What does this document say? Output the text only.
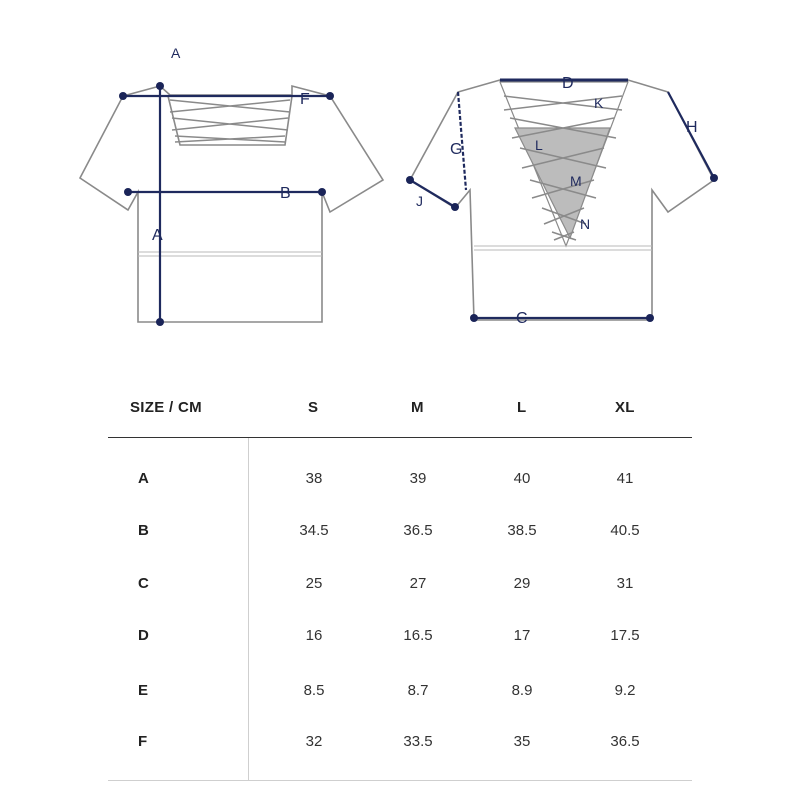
A
A
B
F
D
K
H
G	L
M
N
J
C
SIZE / CM	S	M	L	XL
A	38	39	40	41
B	34.5	36.5	38.5	40.5
C	25	27	29	31
D	16	16.5	17	17.5
E	8.5	8.7	8.9	9.2
F	32	33.5	35	36.5
